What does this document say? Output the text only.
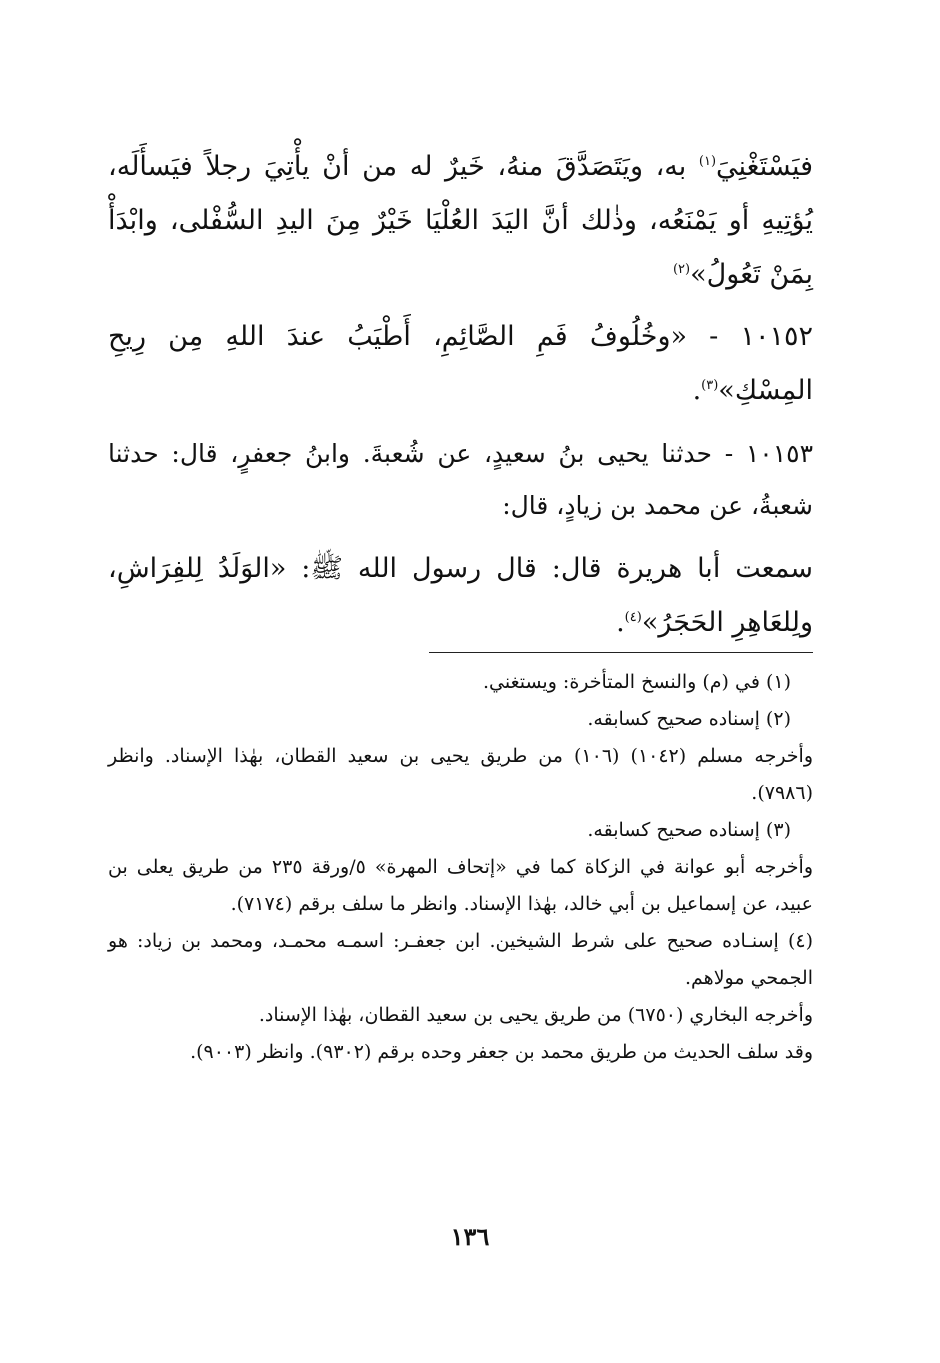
فيَسْتَغْنِيَ$^{(١)}$ به، ويَتَصَدَّقَ منهُ، خَيرٌ له من أنْ يأْتِيَ رجلاً فيَسأَلَه، يُؤتِيهِ أو يَمْنَعُه، وذٰلك أنَّ اليَدَ العُلْيَا خَيْرٌ مِنَ اليدِ السُّفْلى، وابْدَأْ بِمَنْ تَعُولُ»$^{(٢)}$

١٠١٥٢ - «وخُلُوفُ فَمِ الصَّائِمِ، أَطْيَبُ عندَ اللهِ مِن رِيحِ المِسْكِ»$^{(٣)}$.

١٠١٥٣ - حدثنا يحيى بنُ سعيدٍ، عن شُعبةَ. وابنُ جعفرٍ، قال: حدثنا شعبةُ، عن محمد بن زيادٍ، قال:

سمعت أبا هريرة قال: قال رسول الله ﷺ: «الوَلَدُ لِلفِرَاشِ، ولِلعَاهِرِ الحَجَرُ»$^{(٤)}$.

(١) في (م) والنسخ المتأخرة: ويستغني.

(٢) إسناده صحيح كسابقه.

وأخرجه مسلم (١٠٤٢) (١٠٦) من طريق يحيى بن سعيد القطان، بهٰذا الإسناد. وانظر (٧٩٨٦).

(٣) إسناده صحيح كسابقه.

وأخرجه أبو عوانة في الزكاة كما في «إتحاف المهرة» ٥/ورقة ٢٣٥ من طريق يعلى بن عبيد، عن إسماعيل بن أبي خالد، بهٰذا الإسناد. وانظر ما سلف برقم (٧١٧٤).

(٤) إسنـاده صحيح على شرط الشيخين. ابن جعفـر: اسمـه محمـد، ومحمد بن زياد: هو الجمحي مولاهم.

وأخرجه البخاري (٦٧٥٠) من طريق يحيى بن سعيد القطان، بهٰذا الإسناد.

وقد سلف الحديث من طريق محمد بن جعفر وحده برقم (٩٣٠٢). وانظر (٩٠٠٣).

١٣٦
